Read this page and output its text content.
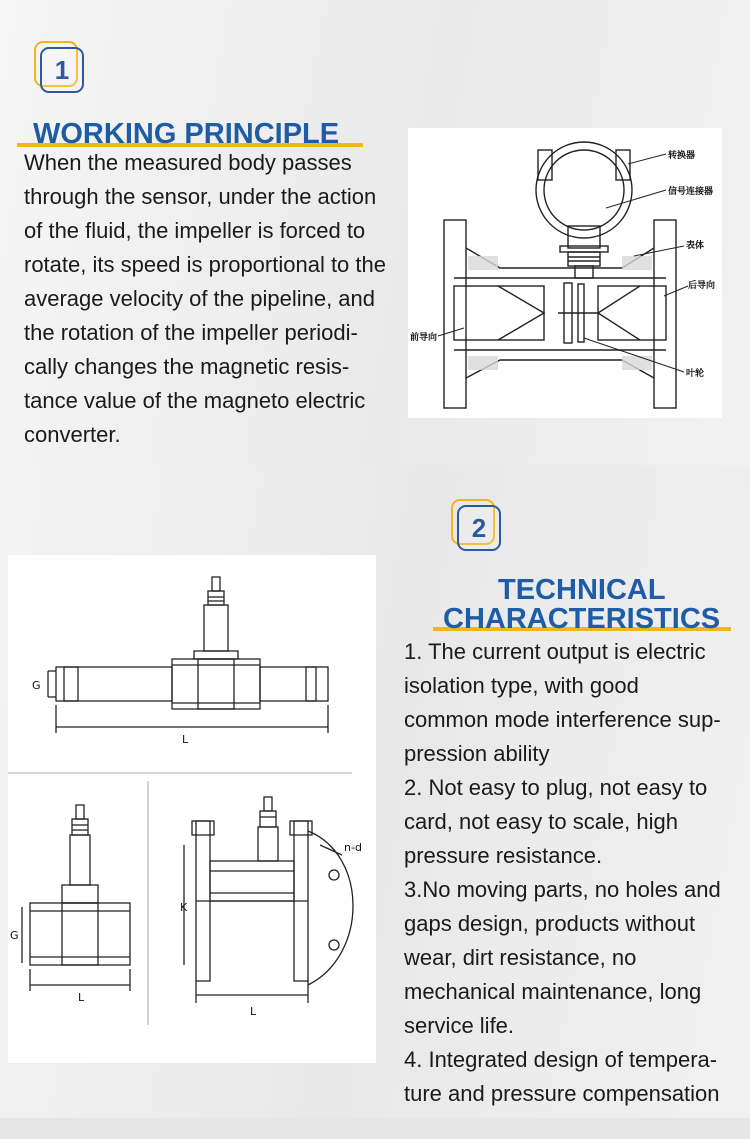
1
WORKING PRINCIPLE
When the measured body passes
through the sensor, under the action
of the fluid, the impeller is forced to
rotate, its speed is proportional to the
average velocity of the pipeline, and
the rotation of the impeller periodi-
cally changes the magnetic resis-
tance value of the magneto electric
converter.
转换器
信号连接器
表体
后导向
前导向
叶轮
2
TECHNICAL
CHARACTERISTICS
1. The current output is electric
isolation type, with good
common mode interference sup-
pression ability
2. Not easy to plug, not easy to
card, not easy to scale, high
pressure resistance.
3.No moving parts, no holes and
gaps design, products without
wear, dirt resistance, no
mechanical maintenance, long
service life.
4. Integrated design of tempera-
ture and pressure compensation
G
L
G
L
K
n-d
L
